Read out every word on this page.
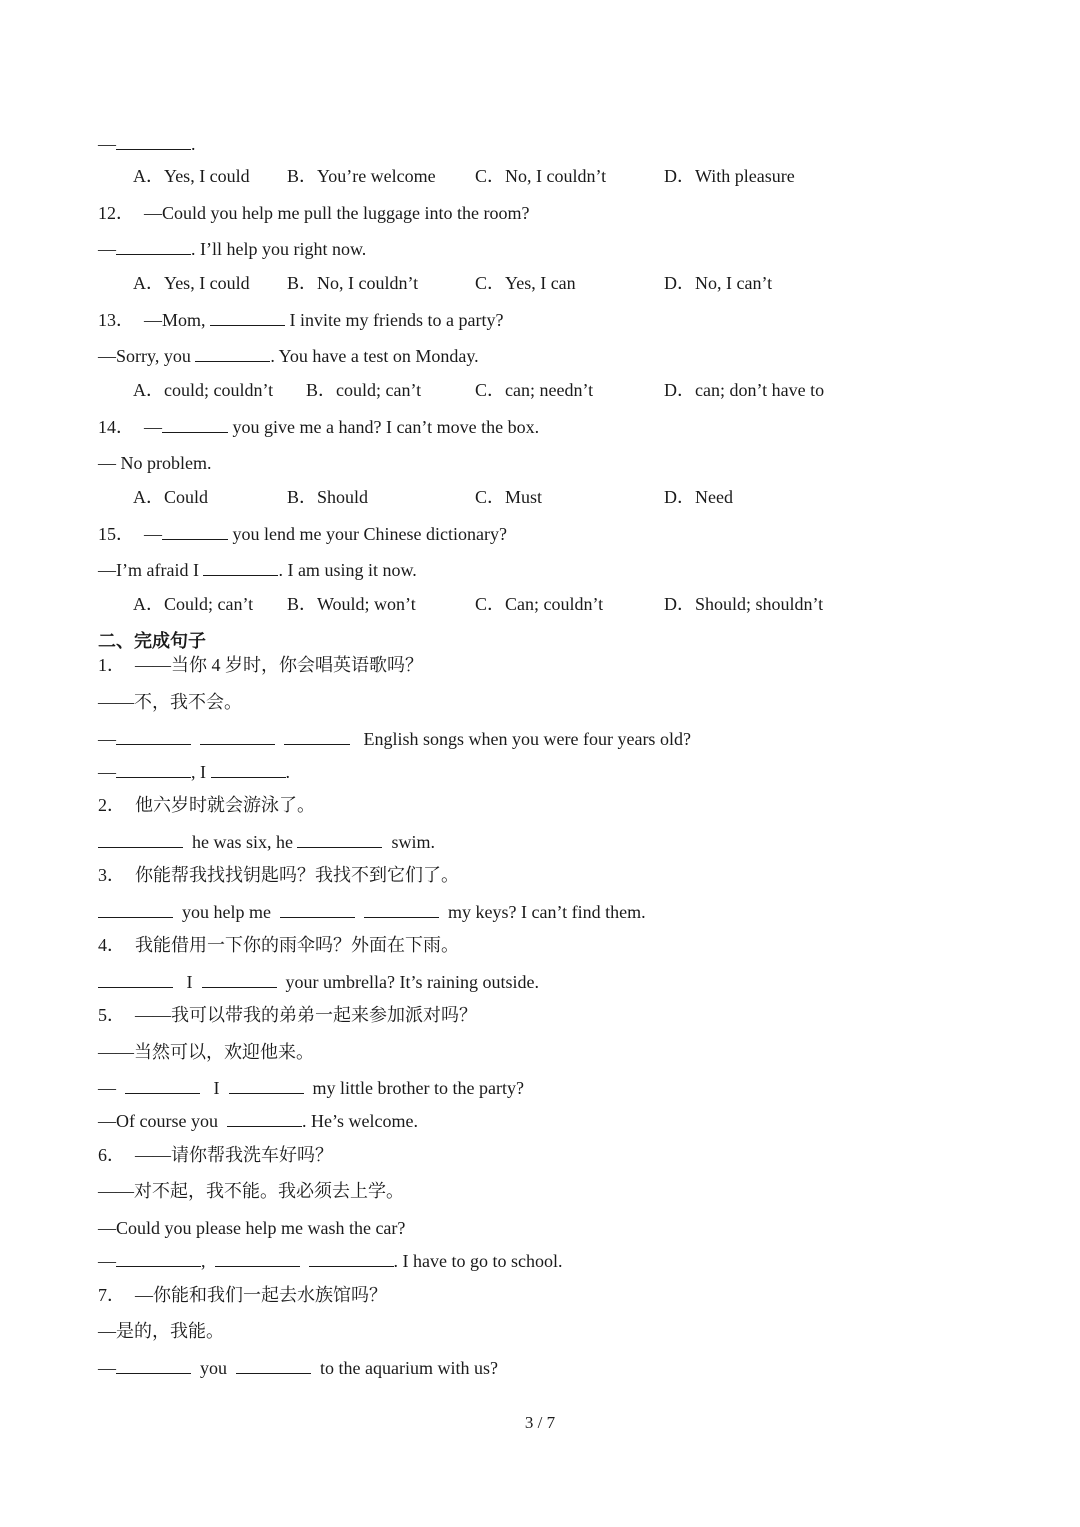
—	.
A．Yes, I could B．You’re welcome C．No, I couldn’t	D．With pleasure
12． —Could you help me pull the luggage into the room?
—	. I’ll help you right now.
A．Yes, I could B．No, I couldn’t	C．Yes, I can	D．No, I can’t
13． —Mom,	I invite my friends to a party?
—Sorry, you	. You have a test on Monday.
A．could; couldn’t B．could; can’t	C．can; needn’t	D．can; don’t have to
14． —	you give me a hand? I can’t move the box.
— No problem.
A．Could	B．Should	C．Must	D．Need
15． —	you lend me your Chinese dictionary?
—I’m afraid I	. I am using it now.
A．Could; can’t B．Would; won’t	C．Can; couldn’t	D．Should; shouldn’t
二、完成句子
1． ——当你 4 岁时，你会唱英语歌吗？
——不，我不会。
—	English songs when you were four years old?
—	, I	.
2． 他六岁时就会游泳了。
he was six, he	swim.
3． 你能帮我找找钥匙吗？我找不到它们了。
you help me	my keys? I can’t find them.
4． 我能借用一下你的雨伞吗？外面在下雨。
I	your umbrella? It’s raining outside.
5． ——我可以带我的弟弟一起来参加派对吗？
——当然可以，欢迎他来。
—	I	my little brother to the party?
—Of course you	. He’s welcome.
6． ——请你帮我洗车好吗？
——对不起，我不能。我必须去上学。
—Could you please help me wash the car?
—	,	. I have to go to school.
7． —你能和我们一起去水族馆吗？
—是的，我能。
—	you	to the aquarium with us?
3 / 7
